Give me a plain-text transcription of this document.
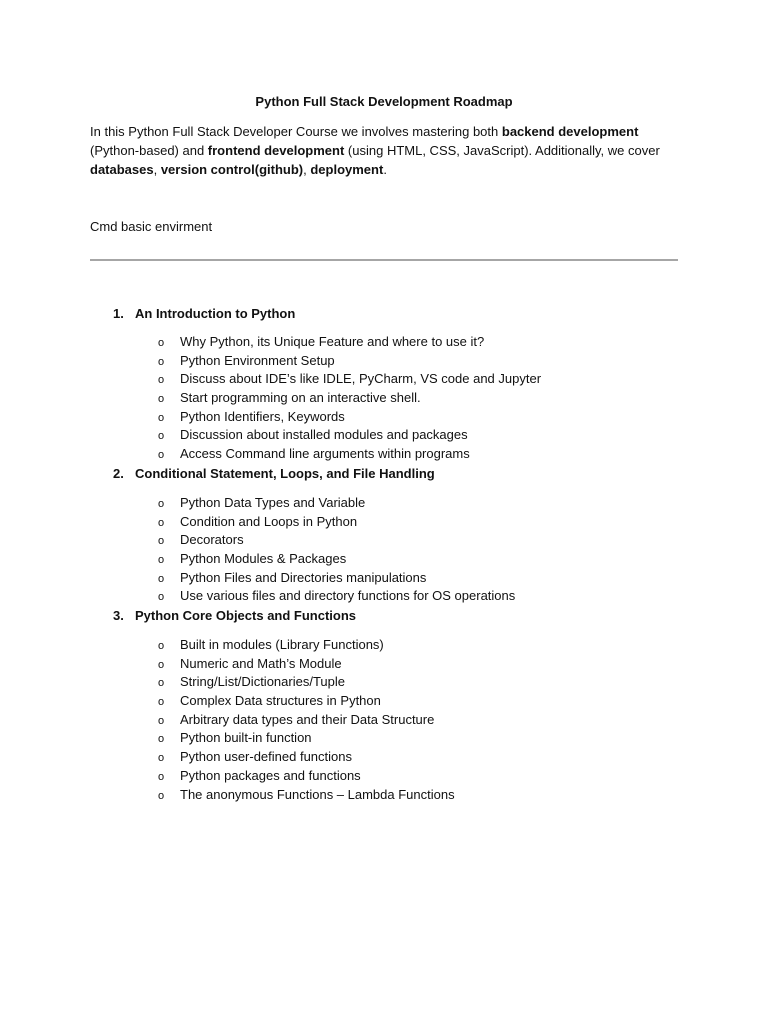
Python Full Stack Development Roadmap
In this Python Full Stack Developer Course we involves mastering both backend development (Python-based) and frontend development (using HTML, CSS, JavaScript). Additionally, we cover databases, version control(github), deployment.
Cmd basic envirment
1. An Introduction to Python
o Why Python, its Unique Feature and where to use it?
o Python Environment Setup
o Discuss about IDE’s like IDLE, PyCharm, VS code and Jupyter
o Start programming on an interactive shell.
o Python Identifiers, Keywords
o Discussion about installed modules and packages
o Access Command line arguments within programs
2. Conditional Statement, Loops, and File Handling
o Python Data Types and Variable
o Condition and Loops in Python
o Decorators
o Python Modules & Packages
o Python Files and Directories manipulations
o Use various files and directory functions for OS operations
3. Python Core Objects and Functions
o Built in modules (Library Functions)
o Numeric and Math’s Module
o String/List/Dictionaries/Tuple
o Complex Data structures in Python
o Arbitrary data types and their Data Structure
o Python built-in function
o Python user-defined functions
o Python packages and functions
o The anonymous Functions – Lambda Functions
